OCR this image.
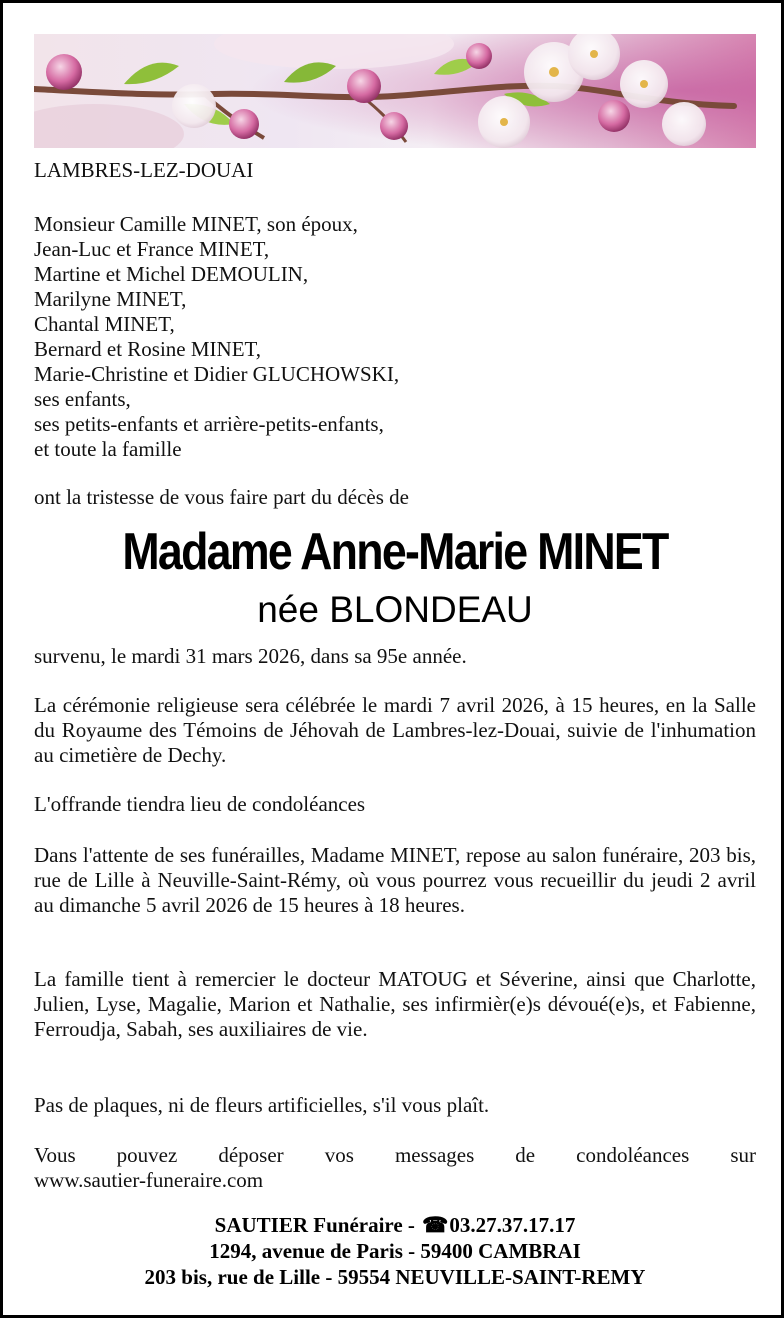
LAMBRES-LEZ-DOUAI
Monsieur Camille MINET, son époux,
Jean-Luc et France MINET,
Martine et Michel DEMOULIN,
Marilyne MINET,
Chantal MINET,
Bernard et Rosine MINET,
Marie-Christine et Didier GLUCHOWSKI,
ses enfants,
ses petits-enfants et arrière-petits-enfants,
et toute la famille
ont la tristesse de vous faire part du décès de
Madame Anne-Marie MINET
née BLONDEAU
survenu, le mardi 31 mars 2026, dans sa 95e année.
La cérémonie religieuse sera célébrée le mardi 7 avril 2026, à 15 heures, en la Salle du Royaume des Témoins de Jéhovah de Lambres-lez-Douai, suivie de l'inhumation au cimetière de Dechy.
L'offrande tiendra lieu de condoléances
Dans l'attente de ses funérailles, Madame MINET, repose au salon funéraire, 203 bis, rue de Lille à Neuville-Saint-Rémy, où vous pourrez vous recueillir du jeudi 2 avril au dimanche 5 avril 2026 de 15 heures à 18 heures.
La famille tient à remercier le docteur MATOUG et Séverine, ainsi que Charlotte, Julien, Lyse, Magalie, Marion et Nathalie, ses infirmièr(e)s dévoué(e)s, et Fabienne, Ferroudja, Sabah, ses auxiliaires de vie.
Pas de plaques, ni de fleurs artificielles, s'il vous plaît.
Vous pouvez déposer vos messages de condoléances sur
www.sautier-funeraire.com
SAUTIER Funéraire - ☎03.27.37.17.17
1294, avenue de Paris - 59400 CAMBRAI
203 bis, rue de Lille - 59554 NEUVILLE-SAINT-REMY
